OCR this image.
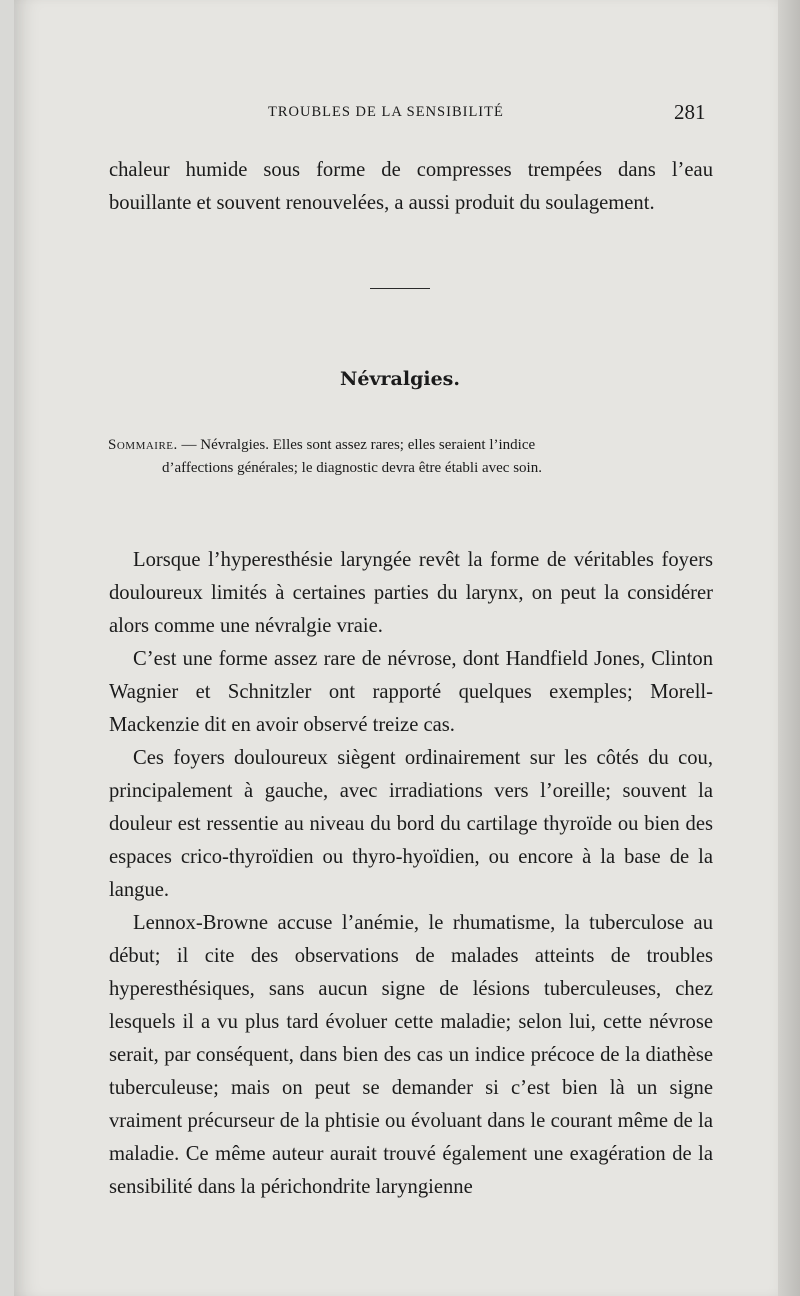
TROUBLES DE LA SENSIBILITÉ	281

chaleur humide sous forme de compresses trempées dans l’eau bouillante et souvent renouvelées, a aussi produit du soulagement.

Névralgies.
Sommaire. — Névralgies. Elles sont assez rares; elles seraient l’indice
d’affections générales; le diagnostic devra être établi avec soin.

Lorsque l’hyperesthésie laryngée revêt la forme de véritables foyers douloureux limités à certaines parties du larynx, on peut la considérer alors comme une névralgie vraie.

C’est une forme assez rare de névrose, dont Handfield Jones, Clinton Wagnier et Schnitzler ont rapporté quelques exemples; Morell-Mackenzie dit en avoir observé treize cas.

Ces foyers douloureux siègent ordinairement sur les côtés du cou, principalement à gauche, avec irradiations vers l’oreille; souvent la douleur est ressentie au niveau du bord du cartilage thyroïde ou bien des espaces crico-thyroïdien ou thyro-hyoïdien, ou encore à la base de la langue.

Lennox-Browne accuse l’anémie, le rhumatisme, la tuberculose au début; il cite des observations de malades atteints de troubles hyperesthésiques, sans aucun signe de lésions tuberculeuses, chez lesquels il a vu plus tard évoluer cette maladie; selon lui, cette névrose serait, par conséquent, dans bien des cas un indice précoce de la diathèse tuberculeuse; mais on peut se demander si c’est bien là un signe vraiment précurseur de la phtisie ou évoluant dans le courant même de la maladie. Ce même auteur aurait trouvé également une exagération de la sensibilité dans la périchondrite laryngienne
